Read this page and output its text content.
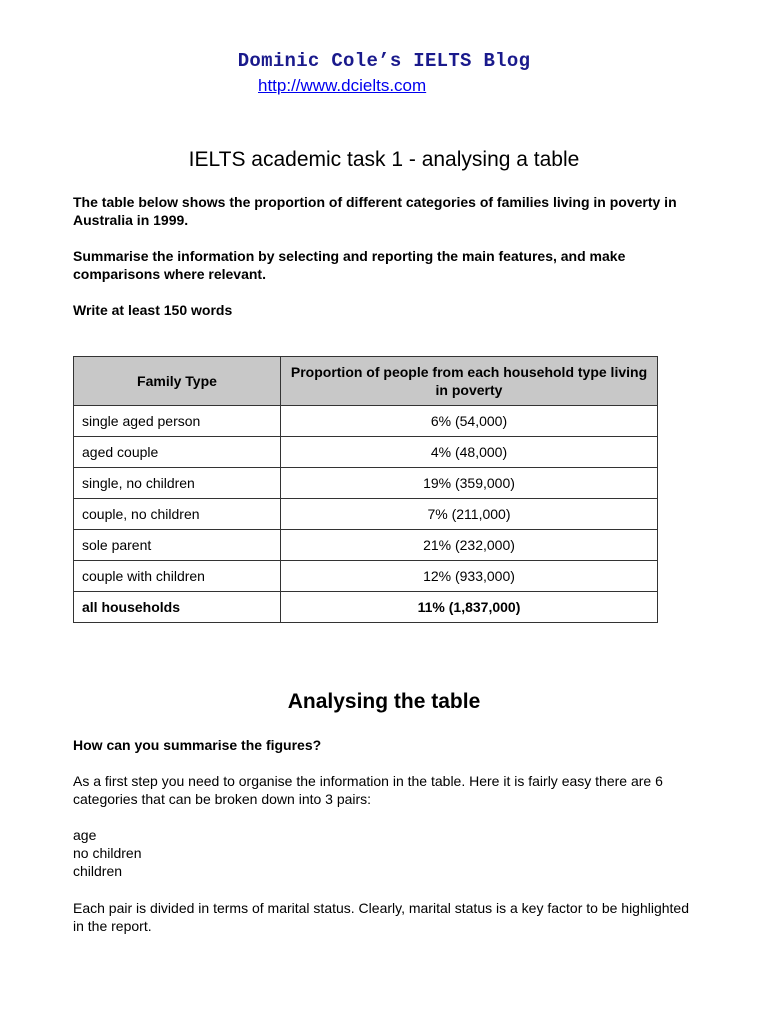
Dominic Cole’s IELTS Blog
http://www.dcielts.com
IELTS academic task 1 - analysing a table
The table below shows the proportion of different categories of families living in poverty in Australia in 1999.
Summarise the information by selecting and reporting the main features, and make comparisons where relevant.
Write at least 150 words
Family Type	Proportion of people from each household type living in poverty
single aged person	6% (54,000)
aged couple	4% (48,000)
single, no children	19% (359,000)
couple, no children	7% (211,000)
sole parent	21% (232,000)
couple with children	12% (933,000)
all households	11% (1,837,000)
Analysing the table
How can you summarise the figures?
As a first step you need to organise the information in the table. Here it is fairly easy there are 6 categories that can be broken down into 3 pairs:
age
no children
children
Each pair is divided in terms of marital status. Clearly, marital status is a key factor to be highlighted in the report.
